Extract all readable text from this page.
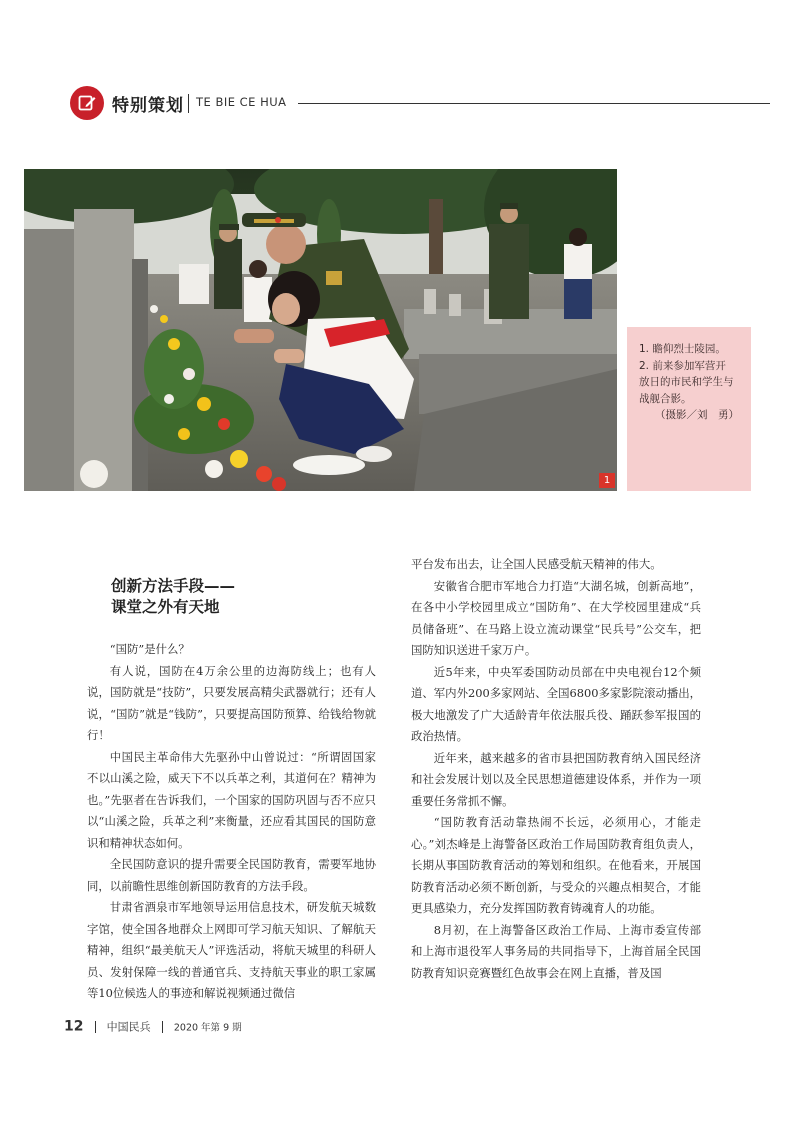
特别策划 TE BIE CE HUA
1
1. 瞻仰烈士陵园。
2. 前来参加军营开
放日的市民和学生与
战舰合影。
（摄影／刘　勇）
创新方法手段——
课堂之外有天地

“国防”是什么？

有人说，国防在4万余公里的边海防线上；也有人说，国防就是“技防”，只要发展高精尖武器就行；还有人说，“国防”就是“钱防”，只要提高国防预算、给钱给物就行！

中国民主革命伟大先驱孙中山曾说过：“所谓固国家不以山溪之险，威天下不以兵革之利，其道何在？精神为也。”先驱者在告诉我们，一个国家的国防巩固与否不应只以“山溪之险，兵革之利”来衡量，还应看其国民的国防意识和精神状态如何。

全民国防意识的提升需要全民国防教育，需要军地协同，以前瞻性思维创新国防教育的方法手段。

甘肃省酒泉市军地领导运用信息技术，研发航天城数字馆，使全国各地群众上网即可学习航天知识、了解航天精神，组织“最美航天人”评选活动，将航天城里的科研人员、发射保障一线的普通官兵、支持航天事业的职工家属等10位候选人的事迹和解说视频通过微信

平台发布出去，让全国人民感受航天精神的伟大。

安徽省合肥市军地合力打造“大湖名城，创新高地”，在各中小学校园里成立“国防角”、在大学校园里建成“兵员储备班”、在马路上设立流动课堂“民兵号”公交车，把国防知识送进千家万户。

近5年来，中央军委国防动员部在中央电视台12个频道、军内外200多家网站、全国6800多家影院滚动播出，极大地激发了广大适龄青年依法服兵役、踊跃参军报国的政治热情。

近年来，越来越多的省市县把国防教育纳入国民经济和社会发展计划以及全民思想道德建设体系，并作为一项重要任务常抓不懈。

“国防教育活动靠热闹不长远，必须用心，才能走心。”刘杰峰是上海警备区政治工作局国防教育组负责人，长期从事国防教育活动的筹划和组织。在他看来，开展国防教育活动必须不断创新，与受众的兴趣点相契合，才能更具感染力，充分发挥国防教育铸魂育人的功能。

8月初，在上海警备区政治工作局、上海市委宣传部和上海市退役军人事务局的共同指导下，上海首届全民国防教育知识竞赛暨红色故事会在网上直播，普及国

12 中国民兵 2020 年第 9 期
